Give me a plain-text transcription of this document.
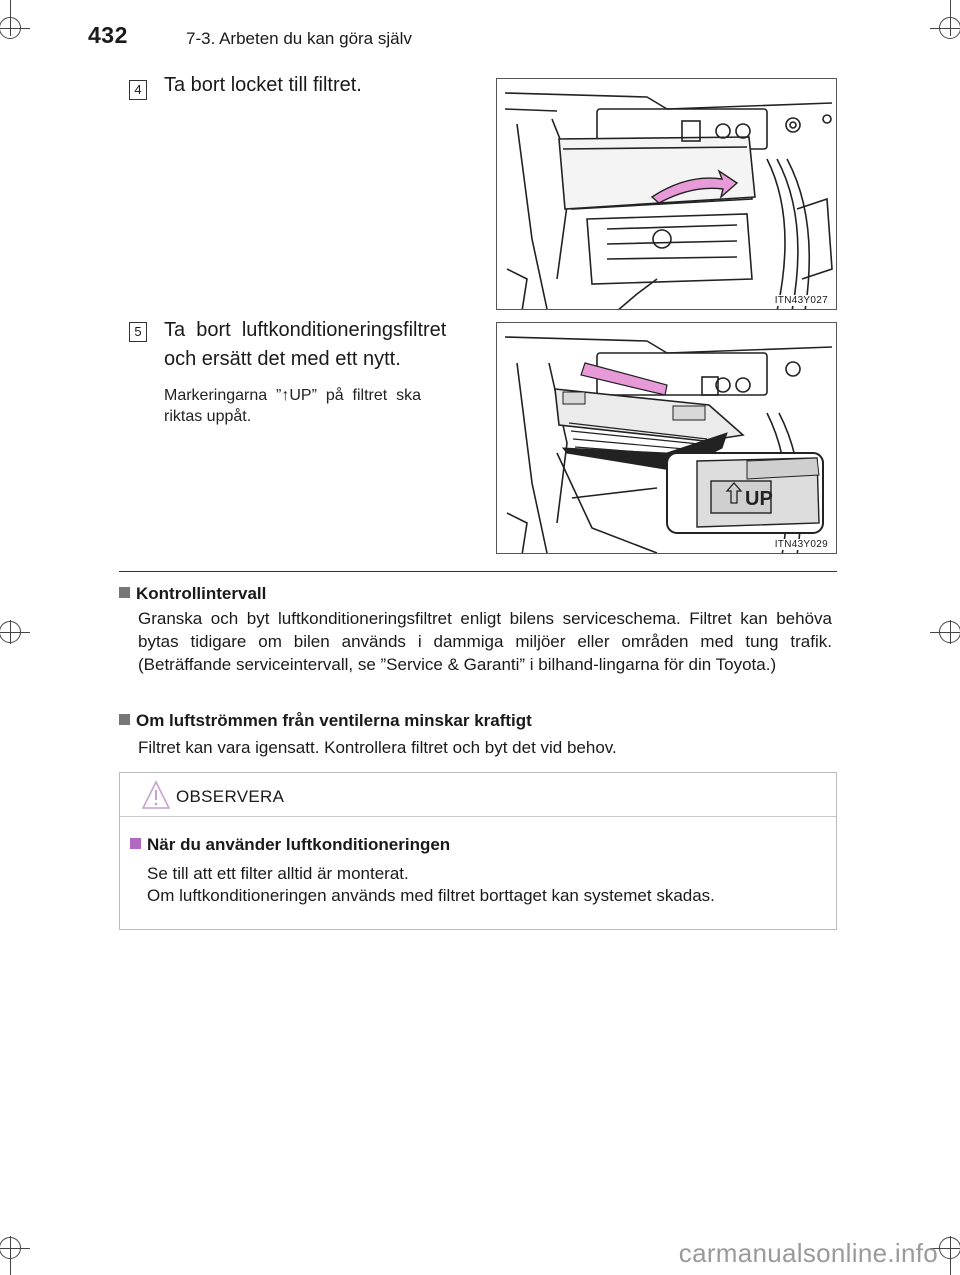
432	7-3. Arbeten du kan göra själv
4 Ta bort locket till filtret.
ITN43Y027
5 Ta  bort  luftkonditioneringsfiltret
och ersätt det med ett nytt.
Markeringarna  ”↑UP”  på  filtret  ska
riktas uppåt.
UP
ITN43Y029
Kontrollintervall
Granska och byt luftkonditioneringsfiltret enligt bilens serviceschema. Filtret kan behöva bytas tidigare om bilen används i dammiga miljöer eller områden med tung trafik. (Beträffande serviceintervall, se ”Service & Garanti” i bilhand-lingarna för din Toyota.)
Om luftströmmen från ventilerna minskar kraftigt
Filtret kan vara igensatt. Kontrollera filtret och byt det vid behov.
OBSERVERA
När du använder luftkonditioneringen
Se till att ett filter alltid är monterat.
Om luftkonditioneringen används med filtret borttaget kan systemet skadas.
carmanualsonline.info
